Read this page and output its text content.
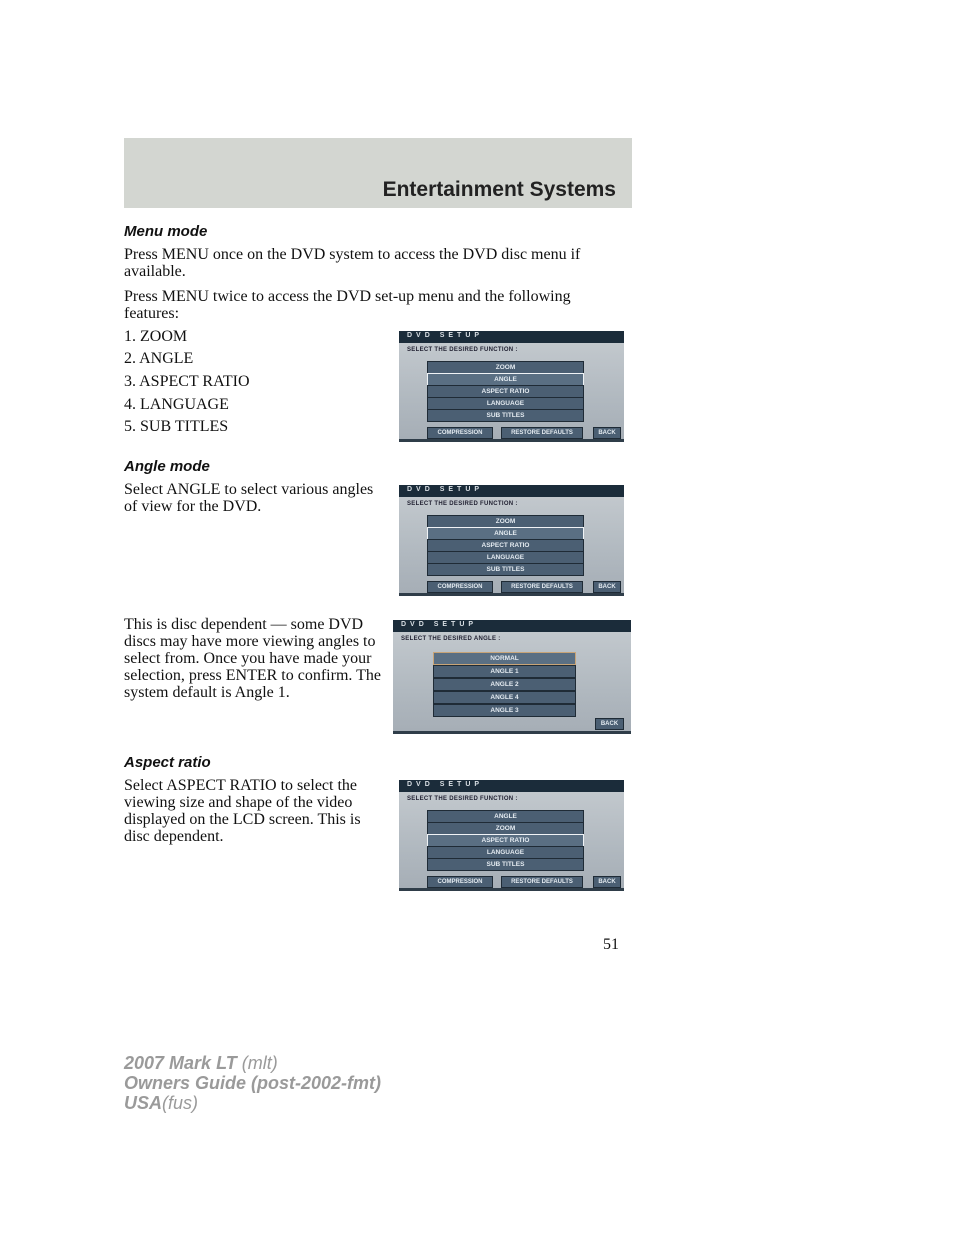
Entertainment Systems
Menu mode

Press MENU once on the DVD system to access the DVD disc menu if available.

Press MENU twice to access the DVD set-up menu and the following features:

1. ZOOM
2. ANGLE
3. ASPECT RATIO
4. LANGUAGE
5. SUB TITLES
DVD SETUP
SELECT THE DESIRED FUNCTION :
ZOOM
ANGLE
ASPECT RATIO
LANGUAGE
SUB TITLES
COMPRESSION	RESTORE DEFAULTS	BACK
Angle mode

Select ANGLE to select various angles of view for the DVD.

DVD SETUP
SELECT THE DESIRED FUNCTION :
ZOOM
ANGLE
ASPECT RATIO
LANGUAGE
SUB TITLES
COMPRESSION	RESTORE DEFAULTS	BACK

This is disc dependent — some DVD discs may have more viewing angles to select from. Once you have made your selection, press ENTER to confirm. The system default is Angle 1.

DVD SETUP
SELECT THE DESIRED ANGLE :
NORMAL
ANGLE 1
ANGLE 2
ANGLE 4
ANGLE 3
BACK
Aspect ratio

Select ASPECT RATIO to select the viewing size and shape of the video displayed on the LCD screen. This is disc dependent.

DVD SETUP
SELECT THE DESIRED FUNCTION :
ANGLE
ZOOM
ASPECT RATIO
LANGUAGE
SUB TITLES
COMPRESSION	RESTORE DEFAULTS	BACK
51
2007 Mark LT (mlt)
Owners Guide (post-2002-fmt)
USA(fus)
